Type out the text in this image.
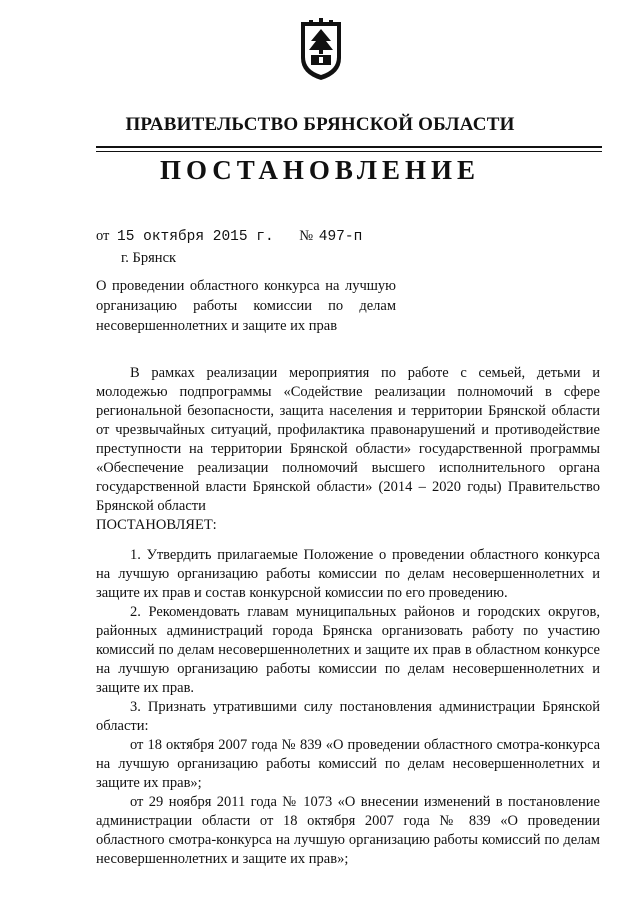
ПРАВИТЕЛЬСТВО БРЯНСКОЙ ОБЛАСТИ
ПОСТАНОВЛЕНИЕ
от 15 октября 2015 г. № 497-п
г. Брянск
О проведении областного конкурса на лучшую
организацию работы комиссии по делам
несовершеннолетних и защите их прав

В рамках реализации мероприятия по работе с семьей, детьми и молодежью подпрограммы «Содействие реализации полномочий в сфере региональной безопасности, защита населения и территории Брянской области от чрезвычайных ситуаций, профилактика правонарушений и противодействие преступности на территории Брянской области» государственной программы «Обеспечение реализации полномочий высшего исполнительного органа государственной власти Брянской области» (2014 – 2020 годы) Правительство Брянской области

ПОСТАНОВЛЯЕТ:

1. Утвердить прилагаемые Положение о проведении областного конкурса на лучшую организацию работы комиссии по делам несовершеннолетних и защите их прав и состав конкурсной комиссии по его проведению.

2. Рекомендовать главам муниципальных районов и городских округов, районных администраций города Брянска организовать работу по участию комиссий по делам несовершеннолетних и защите их прав в областном конкурсе на лучшую организацию работы комиссии по делам несовершеннолетних и защите их прав.

3. Признать утратившими силу постановления администрации Брянской области:

от 18 октября 2007 года № 839 «О проведении областного смотра-конкурса на лучшую организацию работы комиссий по делам несовершеннолетних и защите их прав»;

от 29 ноября 2011 года № 1073 «О внесении изменений в постановление администрации области от 18 октября 2007 года № 839 «О проведении областного смотра-конкурса на лучшую организацию работы комиссий по делам несовершеннолетних и защите их прав»;
